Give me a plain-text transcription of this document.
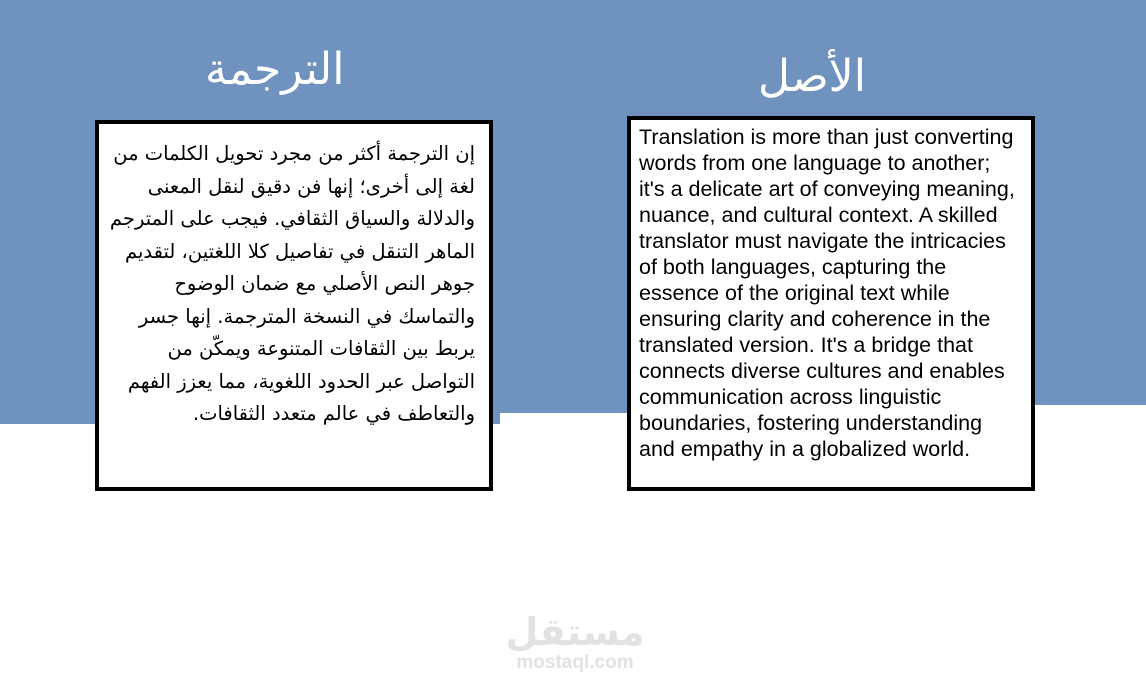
الترجمة	الأصل
إن الترجمة أكثر من مجرد تحويل الكلمات من لغة إلى أخرى؛ إنها فن دقيق لنقل المعنى والدلالة والسياق الثقافي. فيجب على المترجم الماهر التنقل في تفاصيل كلا اللغتين، لتقديم جوهر النص الأصلي مع ضمان الوضوح والتماسك في النسخة المترجمة. إنها جسر يربط بين الثقافات المتنوعة ويمكّن من التواصل عبر الحدود اللغوية، مما يعزز الفهم والتعاطف في عالم متعدد الثقافات.
Translation is more than just converting words from one language to another; it's a delicate art of conveying meaning, nuance, and cultural context. A skilled translator must navigate the intricacies of both languages, capturing the essence of the original text while ensuring clarity and coherence in the translated version. It's a bridge that connects diverse cultures and enables communication across linguistic boundaries, fostering understanding and empathy in a globalized world.
مستقل
mostaql.com
